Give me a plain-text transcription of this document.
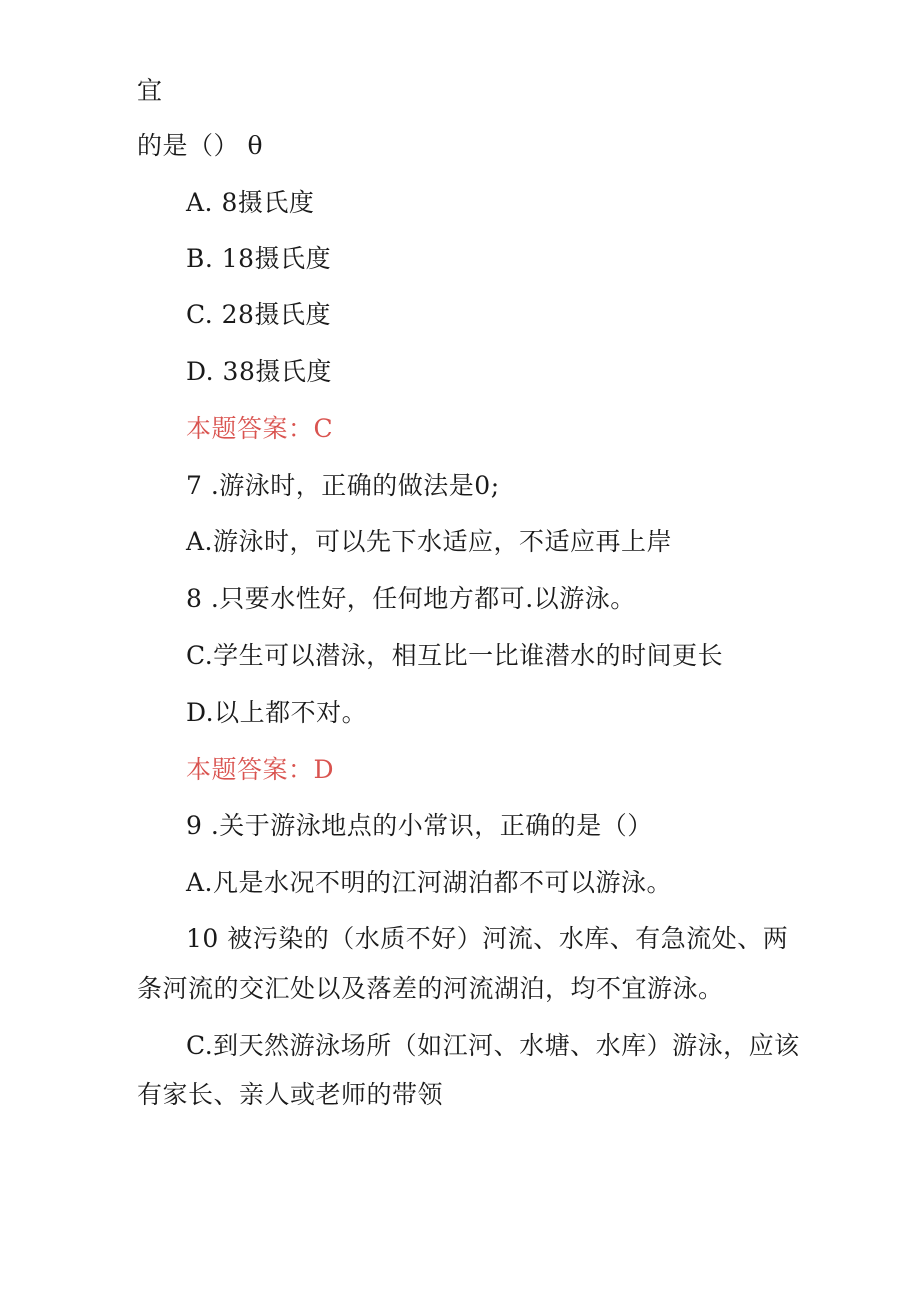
宜
的是（） θ
A. 8摄氏度
B. 18摄氏度
C. 28摄氏度
D. 38摄氏度
本题答案：C
7 .游泳时，正确的做法是0;
A.游泳时，可以先下水适应，不适应再上岸
8 .只要水性好，任何地方都可.以游泳。
C.学生可以潜泳，相互比一比谁潜水的时间更长
D.以上都不对。
本题答案：D
9 .关于游泳地点的小常识，正确的是（）
A.凡是水况不明的江河湖泊都不可以游泳。
10 被污染的（水质不好）河流、水库、有急流处、两
条河流的交汇处以及落差的河流湖泊，均不宜游泳。
C.到天然游泳场所（如江河、水塘、水库）游泳，应该
有家长、亲人或老师的带领
